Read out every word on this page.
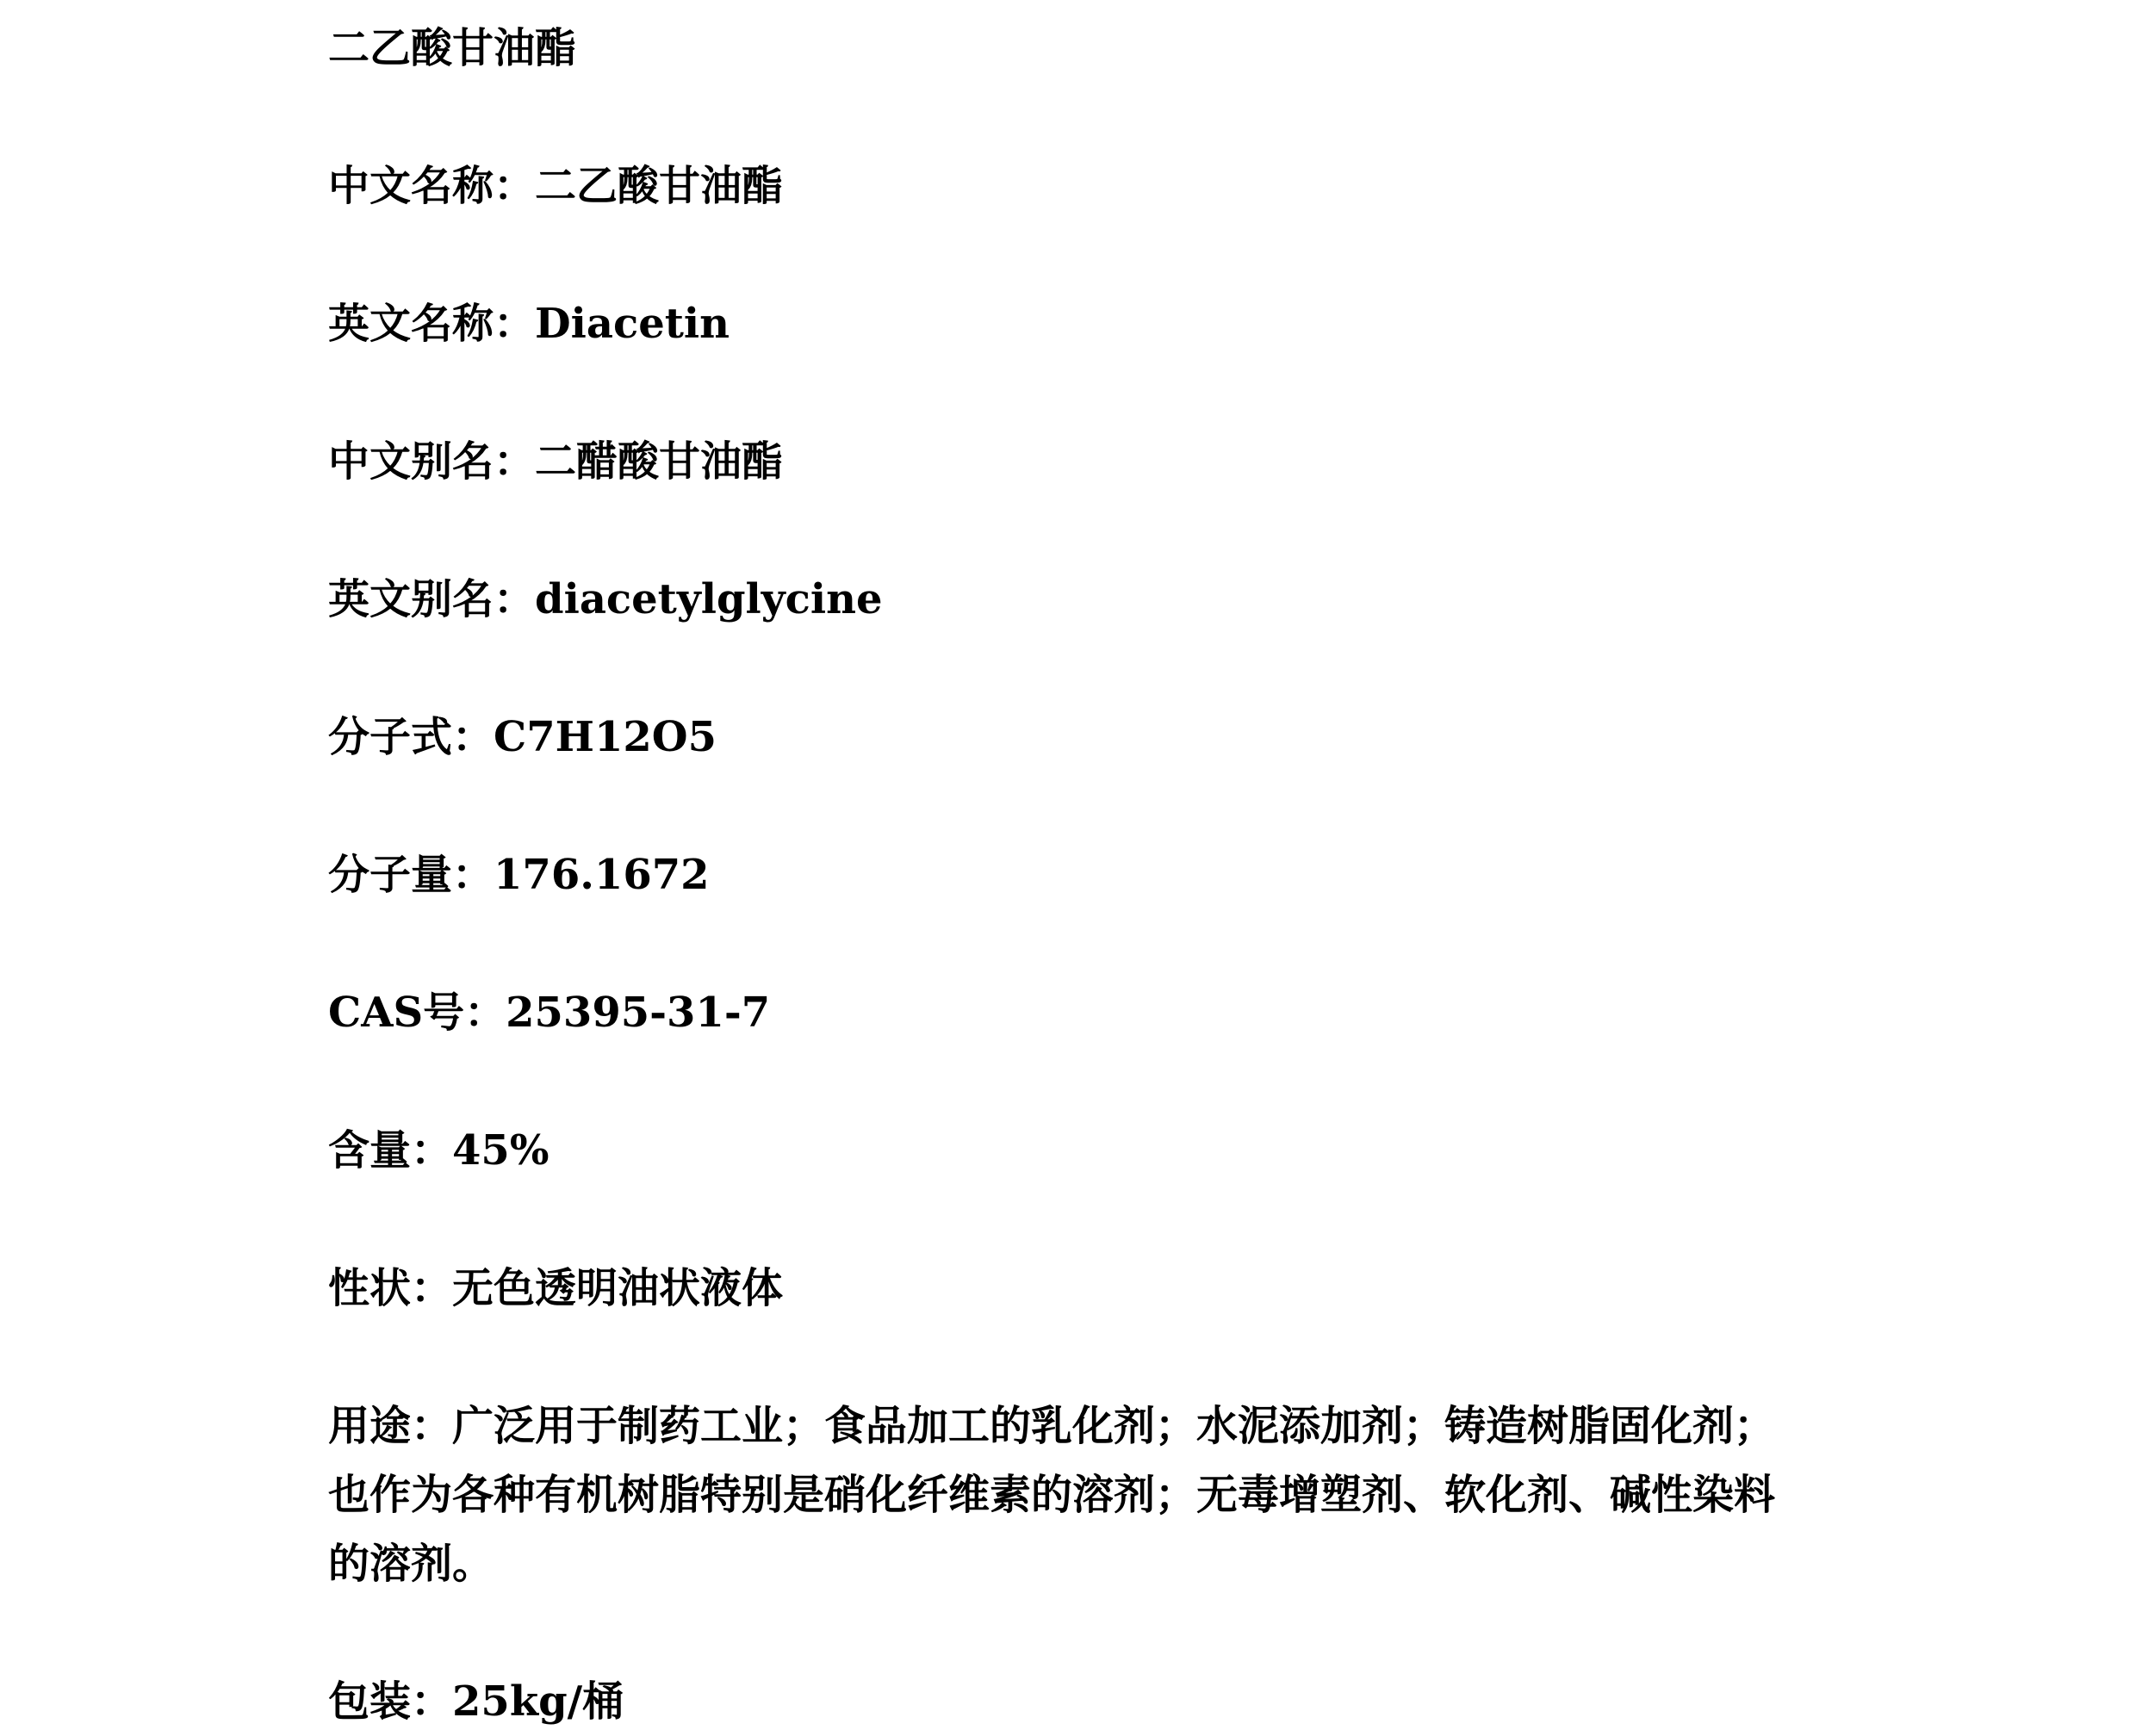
二乙酸甘油酯
中文名称：二乙酸甘油酯
英文名称：Diacetin
中文别名：二醋酸甘油酯
英文别名：diacetylglycine
分子式：C7H12O5
分子量：176.1672
CAS号：25395-31-7
含量：45%
性状：无色透明油状液体
用途：广泛用于制药工业；食品加工的乳化剂；水泥添加剂；铸造树脂固化剂；也作为各种有机树脂特别是硝化纤维素的溶剂；无毒增塑剂、软化剂、碱性染料的溶剂。
包装：25kg/桶
